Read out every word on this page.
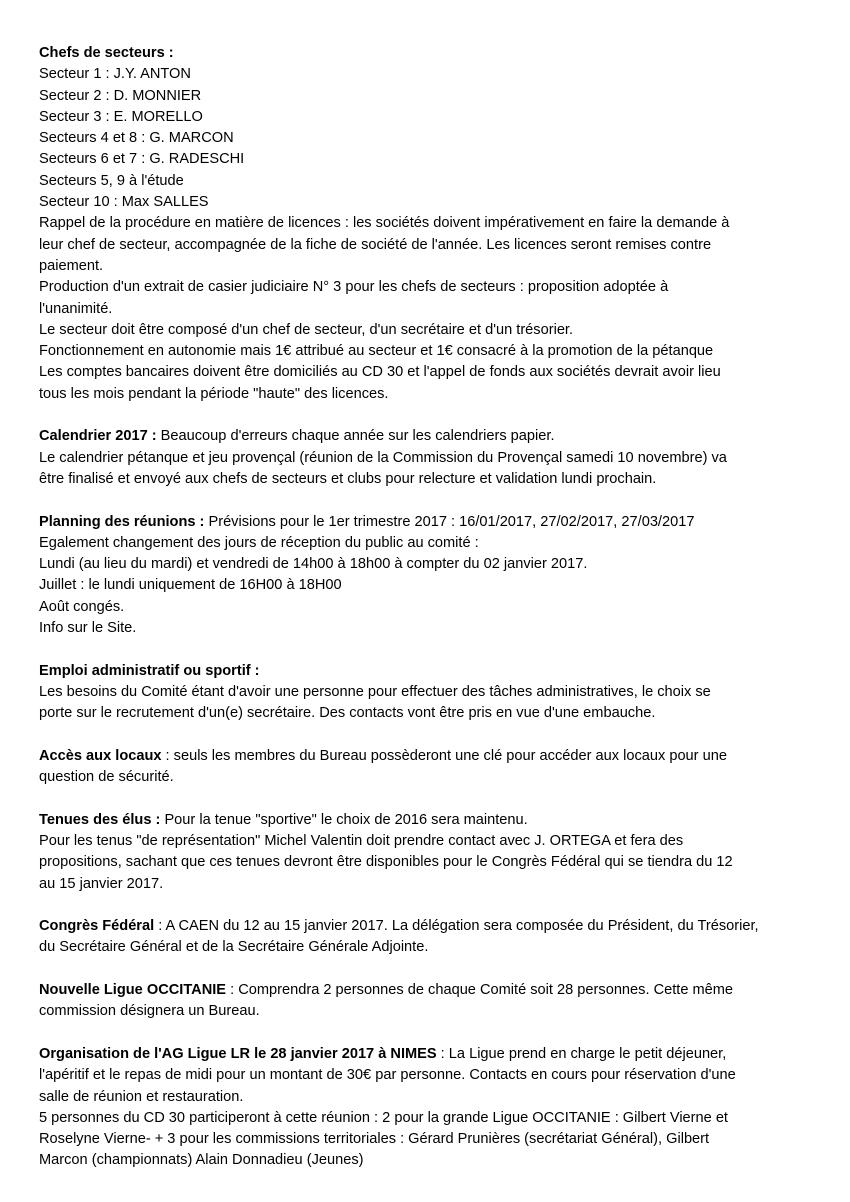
Chefs de secteurs :
Secteur 1 : J.Y. ANTON
Secteur 2 : D. MONNIER
Secteur 3 : E. MORELLO
Secteurs 4 et 8 : G. MARCON
Secteurs 6 et 7 : G. RADESCHI
Secteurs 5, 9 à l'étude
Secteur 10 : Max SALLES
Rappel de la procédure en matière de licences : les sociétés doivent impérativement en faire la demande à
leur chef de secteur, accompagnée de la fiche de société de l'année. Les licences seront remises contre
paiement.
Production d'un extrait de casier judiciaire N° 3 pour les chefs de secteurs : proposition adoptée à
l'unanimité.
Le secteur doit être composé d'un chef de secteur, d'un secrétaire et d'un trésorier.
Fonctionnement en autonomie mais 1€ attribué au secteur et 1€ consacré à la promotion de la pétanque
Les comptes bancaires doivent être domiciliés au CD 30 et l'appel de fonds aux sociétés devrait avoir lieu
tous les mois pendant la période "haute" des licences.
Calendrier 2017 : Beaucoup d'erreurs chaque année sur les calendriers papier.
Le calendrier pétanque et jeu provençal (réunion de la Commission du Provençal samedi 10 novembre) va
être finalisé et envoyé aux chefs de secteurs et clubs pour relecture et validation lundi prochain.
Planning des réunions : Prévisions pour le 1er trimestre 2017 : 16/01/2017, 27/02/2017, 27/03/2017
Egalement changement des jours de réception du public au comité :
Lundi (au lieu du mardi) et vendredi de 14h00 à 18h00 à compter du 02 janvier 2017.
Juillet : le lundi uniquement de 16H00 à 18H00
Août congés.
Info sur le Site.
Emploi administratif ou sportif :
Les besoins du Comité étant d'avoir une personne pour effectuer des tâches administratives, le choix se
porte sur le recrutement d'un(e) secrétaire. Des contacts vont être pris en vue d'une embauche.
Accès aux locaux : seuls les membres du Bureau possèderont une clé pour accéder aux locaux pour une
question de sécurité.
Tenues des élus : Pour la tenue "sportive" le choix de 2016 sera maintenu.
Pour les tenus "de représentation" Michel Valentin doit prendre contact avec J. ORTEGA et fera des
propositions, sachant que ces tenues devront être disponibles pour le Congrès Fédéral qui se tiendra du 12
au 15 janvier 2017.
Congrès Fédéral : A CAEN du 12 au 15 janvier 2017. La délégation sera composée du Président, du Trésorier,
du Secrétaire Général et de la Secrétaire Générale Adjointe.
Nouvelle Ligue OCCITANIE : Comprendra 2 personnes de chaque Comité soit 28 personnes. Cette même
commission désignera un Bureau.
Organisation de l'AG Ligue LR le 28 janvier 2017 à NIMES : La Ligue prend en charge le petit déjeuner,
l'apéritif et le repas de midi pour un montant de 30€ par personne. Contacts en cours pour réservation d'une
salle de réunion et restauration.
5 personnes du CD 30 participeront à cette réunion : 2 pour la grande Ligue OCCITANIE : Gilbert Vierne et
Roselyne Vierne- + 3 pour les commissions territoriales : Gérard Prunières (secrétariat Général), Gilbert
Marcon (championnats) Alain Donnadieu (Jeunes)
